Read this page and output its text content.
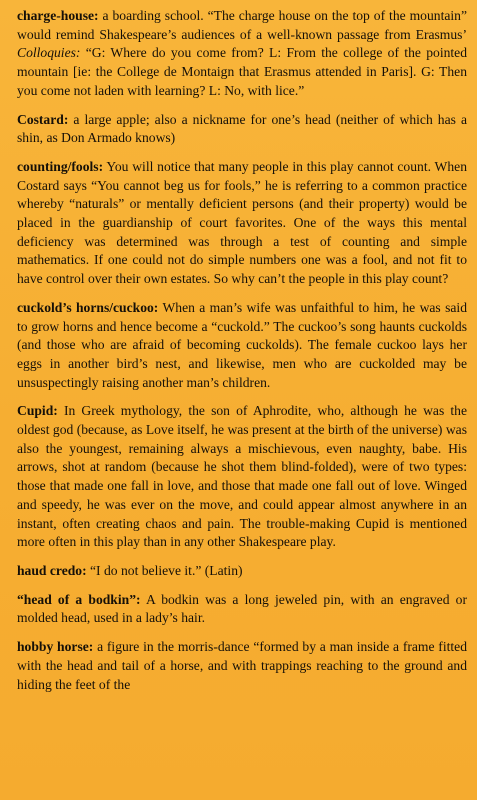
charge-house: a boarding school. “The charge house on the top of the mountain” would remind Shakespeare’s audiences of a well-known passage from Erasmus’ Colloquies: “G: Where do you come from? L: From the college of the pointed mountain [ie: the College de Montaign that Erasmus attended in Paris]. G: Then you come not laden with learning? L: No, with lice.”

Costard: a large apple; also a nickname for one’s head (neither of which has a shin, as Don Armado knows)

counting/fools: You will notice that many people in this play cannot count. When Costard says “You cannot beg us for fools,” he is referring to a common practice whereby “naturals” or mentally deficient persons (and their property) would be placed in the guardianship of court favorites. One of the ways this mental deficiency was determined was through a test of counting and simple mathematics. If one could not do simple numbers one was a fool, and not fit to have control over their own estates. So why can’t the people in this play count?

cuckold’s horns/cuckoo: When a man’s wife was unfaithful to him, he was said to grow horns and hence become a “cuckold.” The cuckoo’s song haunts cuckolds (and those who are afraid of becoming cuckolds). The female cuckoo lays her eggs in another bird’s nest, and likewise, men who are cuckolded may be unsuspectingly raising another man’s children.

Cupid: In Greek mythology, the son of Aphrodite, who, although he was the oldest god (because, as Love itself, he was present at the birth of the universe) was also the youngest, remaining always a mischievous, even naughty, babe. His arrows, shot at random (because he shot them blind-folded), were of two types: those that made one fall in love, and those that made one fall out of love. Winged and speedy, he was ever on the move, and could appear almost anywhere in an instant, often creating chaos and pain. The trouble-making Cupid is mentioned more often in this play than in any other Shakespeare play.

haud credo: “I do not believe it.” (Latin)

“head of a bodkin”: A bodkin was a long jeweled pin, with an engraved or molded head, used in a lady’s hair.

hobby horse: a figure in the morris-dance “formed by a man inside a frame fitted with the head and tail of a horse, and with trappings reaching to the ground and hiding the feet of the
